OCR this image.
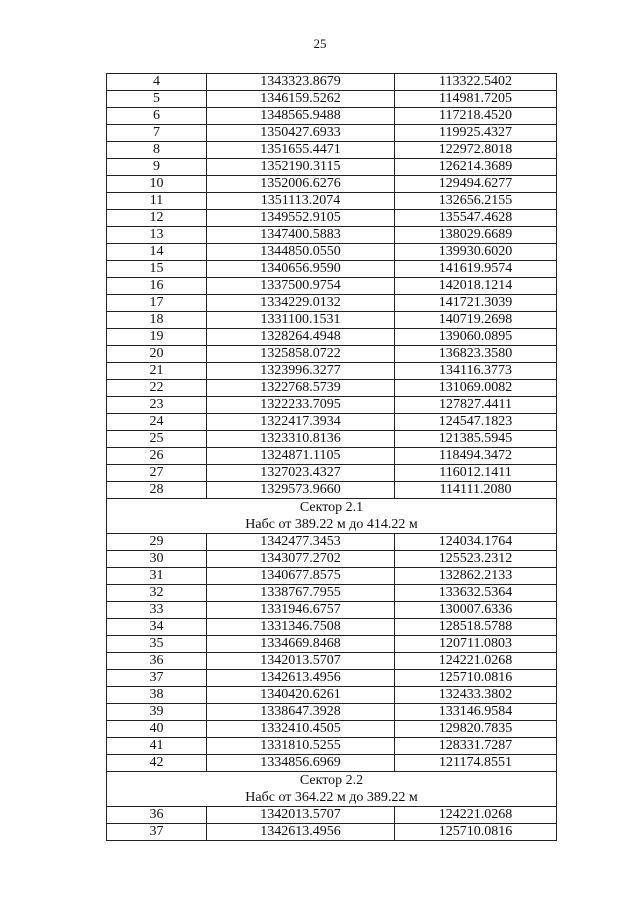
25
4	1343323.8679	113322.5402
5	1346159.5262	114981.7205
6	1348565.9488	117218.4520
7	1350427.6933	119925.4327
8	1351655.4471	122972.8018
9	1352190.3115	126214.3689
10	1352006.6276	129494.6277
11	1351113.2074	132656.2155
12	1349552.9105	135547.4628
13	1347400.5883	138029.6689
14	1344850.0550	139930.6020
15	1340656.9590	141619.9574
16	1337500.9754	142018.1214
17	1334229.0132	141721.3039
18	1331100.1531	140719.2698
19	1328264.4948	139060.0895
20	1325858.0722	136823.3580
21	1323996.3277	134116.3773
22	1322768.5739	131069.0082
23	1322233.7095	127827.4411
24	1322417.3934	124547.1823
25	1323310.8136	121385.5945
26	1324871.1105	118494.3472
27	1327023.4327	116012.1411
28	1329573.9660	114111.2080
Сектор 2.1		
Набс от 389.22 м до 414.22 м		
29	1342477.3453	124034.1764
30	1343077.2702	125523.2312
31	1340677.8575	132862.2133
32	1338767.7955	133632.5364
33	1331946.6757	130007.6336
34	1331346.7508	128518.5788
35	1334669.8468	120711.0803
36	1342013.5707	124221.0268
37	1342613.4956	125710.0816
38	1340420.6261	132433.3802
39	1338647.3928	133146.9584
40	1332410.4505	129820.7835
41	1331810.5255	128331.7287
42	1334856.6969	121174.8551
Сектор 2.2		
Набс от 364.22 м до 389.22 м		
36	1342013.5707	124221.0268
37	1342613.4956	125710.0816
